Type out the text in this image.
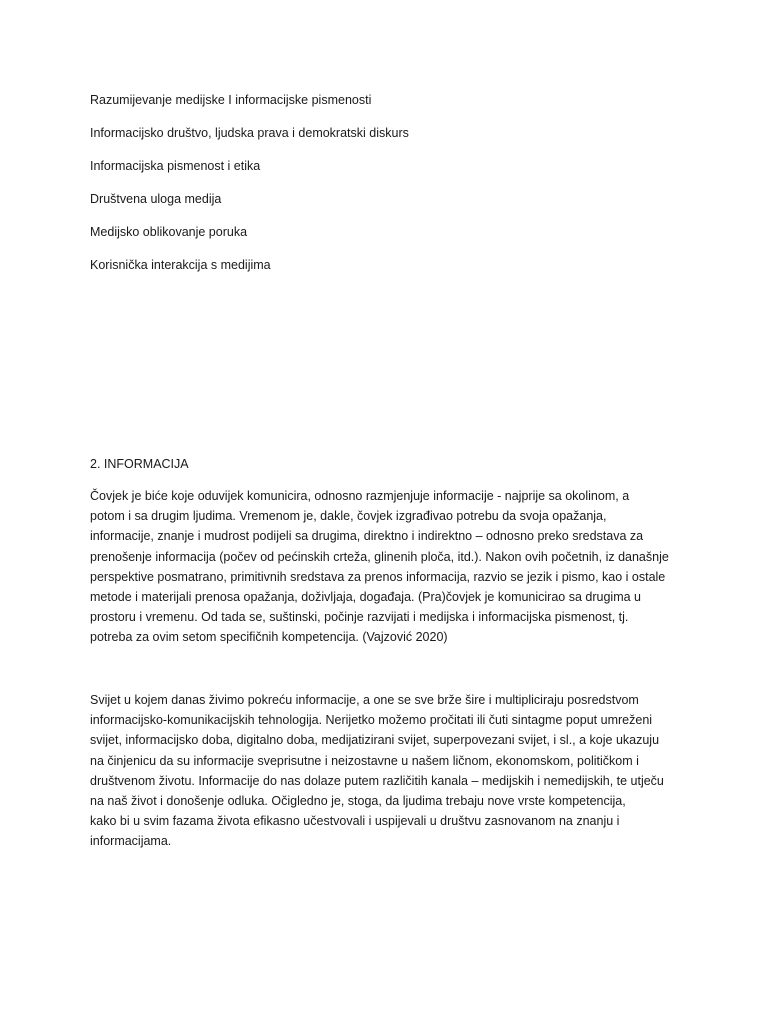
Razumijevanje medijske I informacijske pismenosti
Informacijsko društvo, ljudska prava i demokratski diskurs
Informacijska pismenost i etika
Društvena uloga medija
Medijsko oblikovanje poruka
Korisnička interakcija s medijima
2. INFORMACIJA
Čovjek je biće koje oduvijek komunicira, odnosno razmjenjuje informacije - najprije sa okolinom, a
potom i sa drugim ljudima. Vremenom je, dakle, čovjek izgrađivao potrebu da svoja opažanja,
informacije, znanje i mudrost podijeli sa drugima, direktno i indirektno – odnosno preko sredstava za
prenošenje informacija (počev od pećinskih crteža, glinenih ploča, itd.). Nakon ovih početnih, iz današnje
perspektive posmatrano, primitivnih sredstava za prenos informacija, razvio se jezik i pismo, kao i ostale
metode i materijali prenosa opažanja, doživljaja, događaja. (Pra)čovjek je komunicirao sa drugima u
prostoru i vremenu. Od tada se, suštinski, počinje razvijati i medijska i informacijska pismenost, tj.
potreba za ovim setom specifičnih kompetencija. (Vajzović 2020)
Svijet u kojem danas živimo pokreću informacije, a one se sve brže šire i multipliciraju posredstvom
informacijsko-komunikacijskih tehnologija. Nerijetko možemo pročitati ili čuti sintagme poput umreženi
svijet, informacijsko doba, digitalno doba, medijatizirani svijet, superpovezani svijet, i sl., a koje ukazuju
na činjenicu da su informacije sveprisutne i neizostavne u našem ličnom, ekonomskom, političkom i
društvenom životu. Informacije do nas dolaze putem različitih kanala – medijskih i nemedijskih, te utječu
na naš život i donošenje odluka. Očigledno je, stoga, da ljudima trebaju nove vrste kompetencija,
kako bi u svim fazama života efikasno učestvovali i uspijevali u društvu zasnovanom na znanju i
informacijama.
